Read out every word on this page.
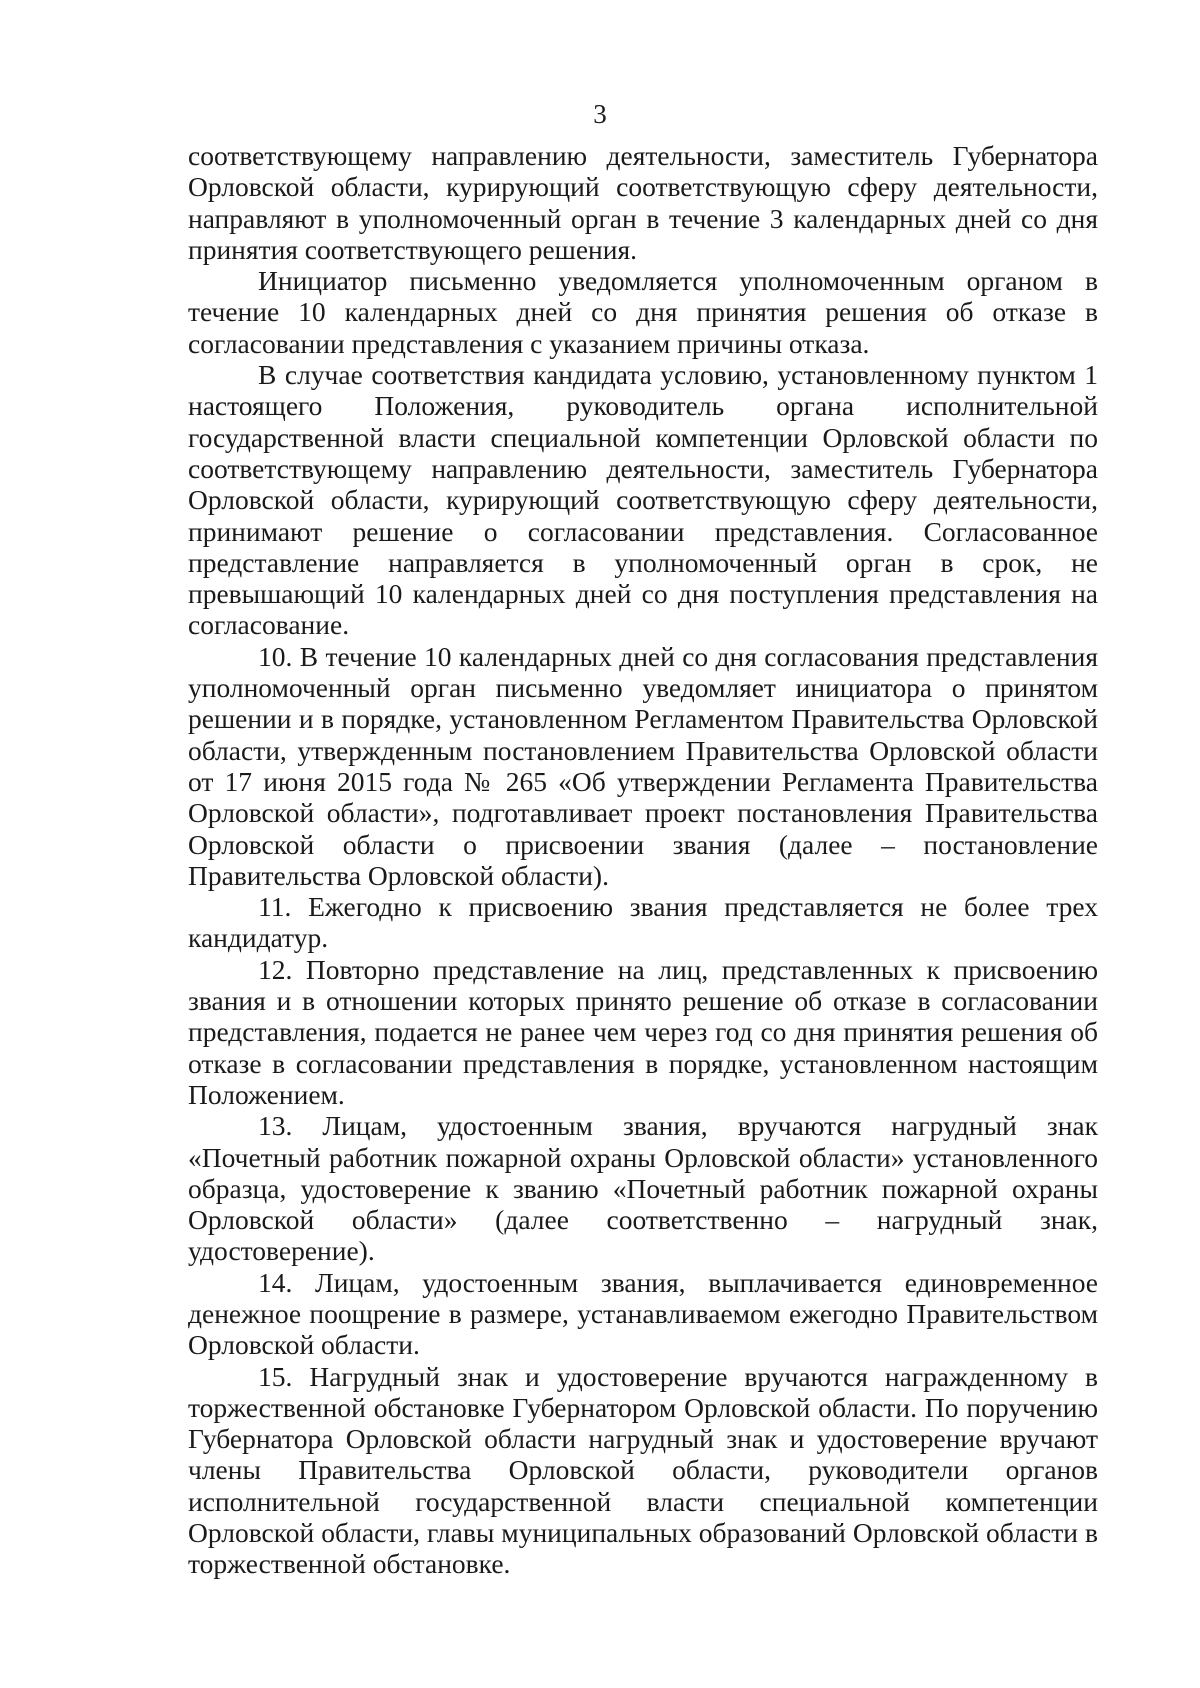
3

соответствующему направлению деятельности, заместитель Губернатора Орловской области, курирующий соответствующую сферу деятельности, направляют в уполномоченный орган в течение 3 календарных дней со дня принятия соответствующего решения.

Инициатор письменно уведомляется уполномоченным органом в течение 10 календарных дней со дня принятия решения об отказе в согласовании представления с указанием причины отказа.

В случае соответствия кандидата условию, установленному пунктом 1 настоящего Положения, руководитель органа исполнительной государственной власти специальной компетенции Орловской области по соответствующему направлению деятельности, заместитель Губернатора Орловской области, курирующий соответствующую сферу деятельности, принимают решение о согласовании представления. Согласованное представление направляется в уполномоченный орган в срок, не превышающий 10 календарных дней со дня поступления представления на согласование.

10. В течение 10 календарных дней со дня согласования представления уполномоченный орган письменно уведомляет инициатора о принятом решении и в порядке, установленном Регламентом Правительства Орловской области, утвержденным постановлением Правительства Орловской области от 17 июня 2015 года № 265 «Об утверждении Регламента Правительства Орловской области», подготавливает проект постановления Правительства Орловской области о присвоении звания (далее – постановление Правительства Орловской области).

11. Ежегодно к присвоению звания представляется не более трех кандидатур.

12. Повторно представление на лиц, представленных к присвоению звания и в отношении которых принято решение об отказе в согласовании представления, подается не ранее чем через год со дня принятия решения об отказе в согласовании представления в порядке, установленном настоящим Положением.

13. Лицам, удостоенным звания, вручаются нагрудный знак «Почетный работник пожарной охраны Орловской области» установленного образца, удостоверение к званию «Почетный работник пожарной охраны Орловской области» (далее соответственно – нагрудный знак, удостоверение).

14. Лицам, удостоенным звания, выплачивается единовременное денежное поощрение в размере, устанавливаемом ежегодно Правительством Орловской области.

15. Нагрудный знак и удостоверение вручаются награжденному в торжественной обстановке Губернатором Орловской области. По поручению Губернатора Орловской области нагрудный знак и удостоверение вручают члены Правительства Орловской области, руководители органов исполнительной государственной власти специальной компетенции Орловской области, главы муниципальных образований Орловской области в торжественной обстановке.
